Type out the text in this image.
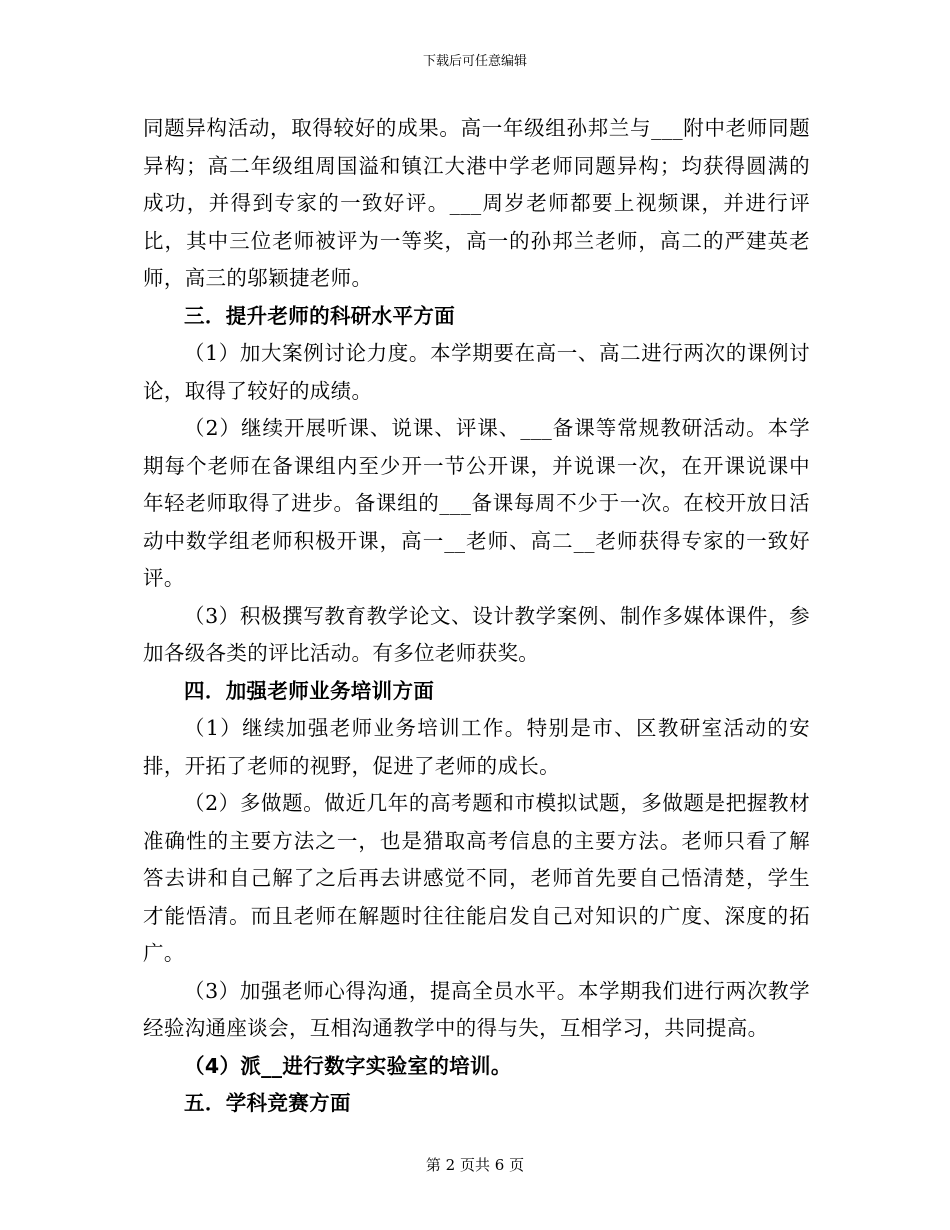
下载后可任意编辑

同题异构活动，取得较好的成果。高一年级组孙邦兰与___附中老师同题异构；高二年级组周国溢和镇江大港中学老师同题异构；均获得圆满的成功，并得到专家的一致好评。___周岁老师都要上视频课，并进行评比，其中三位老师被评为一等奖，高一的孙邦兰老师，高二的严建英老师，高三的邬颖捷老师。

三．提升老师的科研水平方面

（1）加大案例讨论力度。本学期要在高一、高二进行两次的课例讨论，取得了较好的成绩。

（2）继续开展听课、说课、评课、___备课等常规教研活动。本学期每个老师在备课组内至少开一节公开课，并说课一次，在开课说课中年轻老师取得了进步。备课组的___备课每周不少于一次。在校开放日活动中数学组老师积极开课，高一__老师、高二__老师获得专家的一致好评。

（3）积极撰写教育教学论文、设计教学案例、制作多媒体课件，参加各级各类的评比活动。有多位老师获奖。

四．加强老师业务培训方面

（1）继续加强老师业务培训工作。特别是市、区教研室活动的安排，开拓了老师的视野，促进了老师的成长。

（2）多做题。做近几年的高考题和市模拟试题，多做题是把握教材准确性的主要方法之一，也是猎取高考信息的主要方法。老师只看了解答去讲和自己解了之后再去讲感觉不同，老师首先要自己悟清楚，学生才能悟清。而且老师在解题时往往能启发自己对知识的广度、深度的拓广。

（3）加强老师心得沟通，提高全员水平。本学期我们进行两次教学经验沟通座谈会，互相沟通教学中的得与失，互相学习，共同提高。

（4）派__进行数字实验室的培训。

五．学科竞赛方面

第 2 页共 6 页
